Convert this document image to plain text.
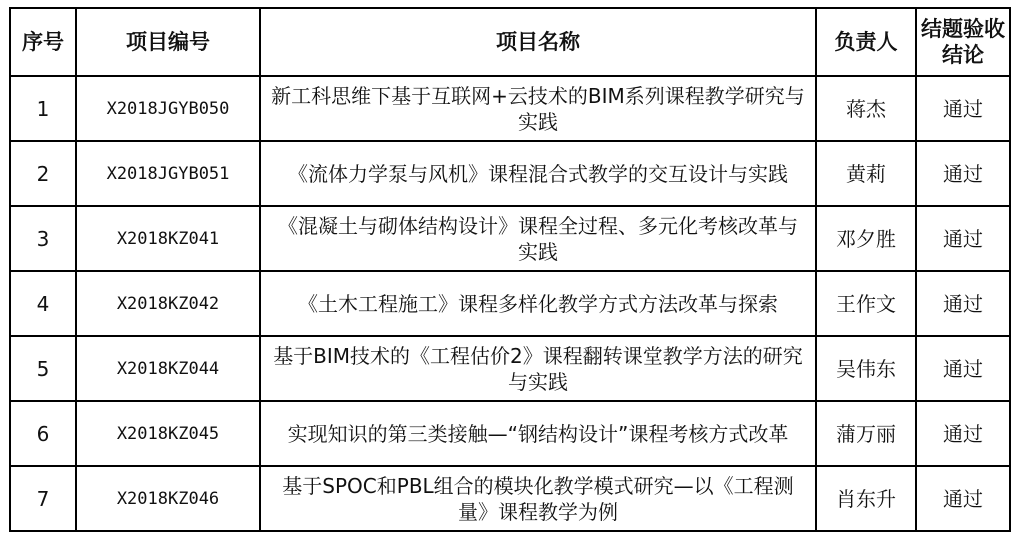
序号	项目编号	项目名称	负责人	结题验收结论
1	X2018JGYB050	新工科思维下基于互联网+云技术的BIM系列课程教学研究与实践	蒋杰	通过
2	X2018JGYB051	《流体力学泵与风机》课程混合式教学的交互设计与实践	黄莉	通过
3	X2018KZ041	《混凝土与砌体结构设计》课程全过程、多元化考核改革与实践	邓夕胜	通过
4	X2018KZ042	《土木工程施工》课程多样化教学方式方法改革与探索	王作文	通过
5	X2018KZ044	基于BIM技术的《工程估价2》课程翻转课堂教学方法的研究与实践	吴伟东	通过
6	X2018KZ045	实现知识的第三类接触—“钢结构设计”课程考核方式改革	蒲万丽	通过
7	X2018KZ046	基于SPOC和PBL组合的模块化教学模式研究—以《工程测量》课程教学为例	肖东升	通过
